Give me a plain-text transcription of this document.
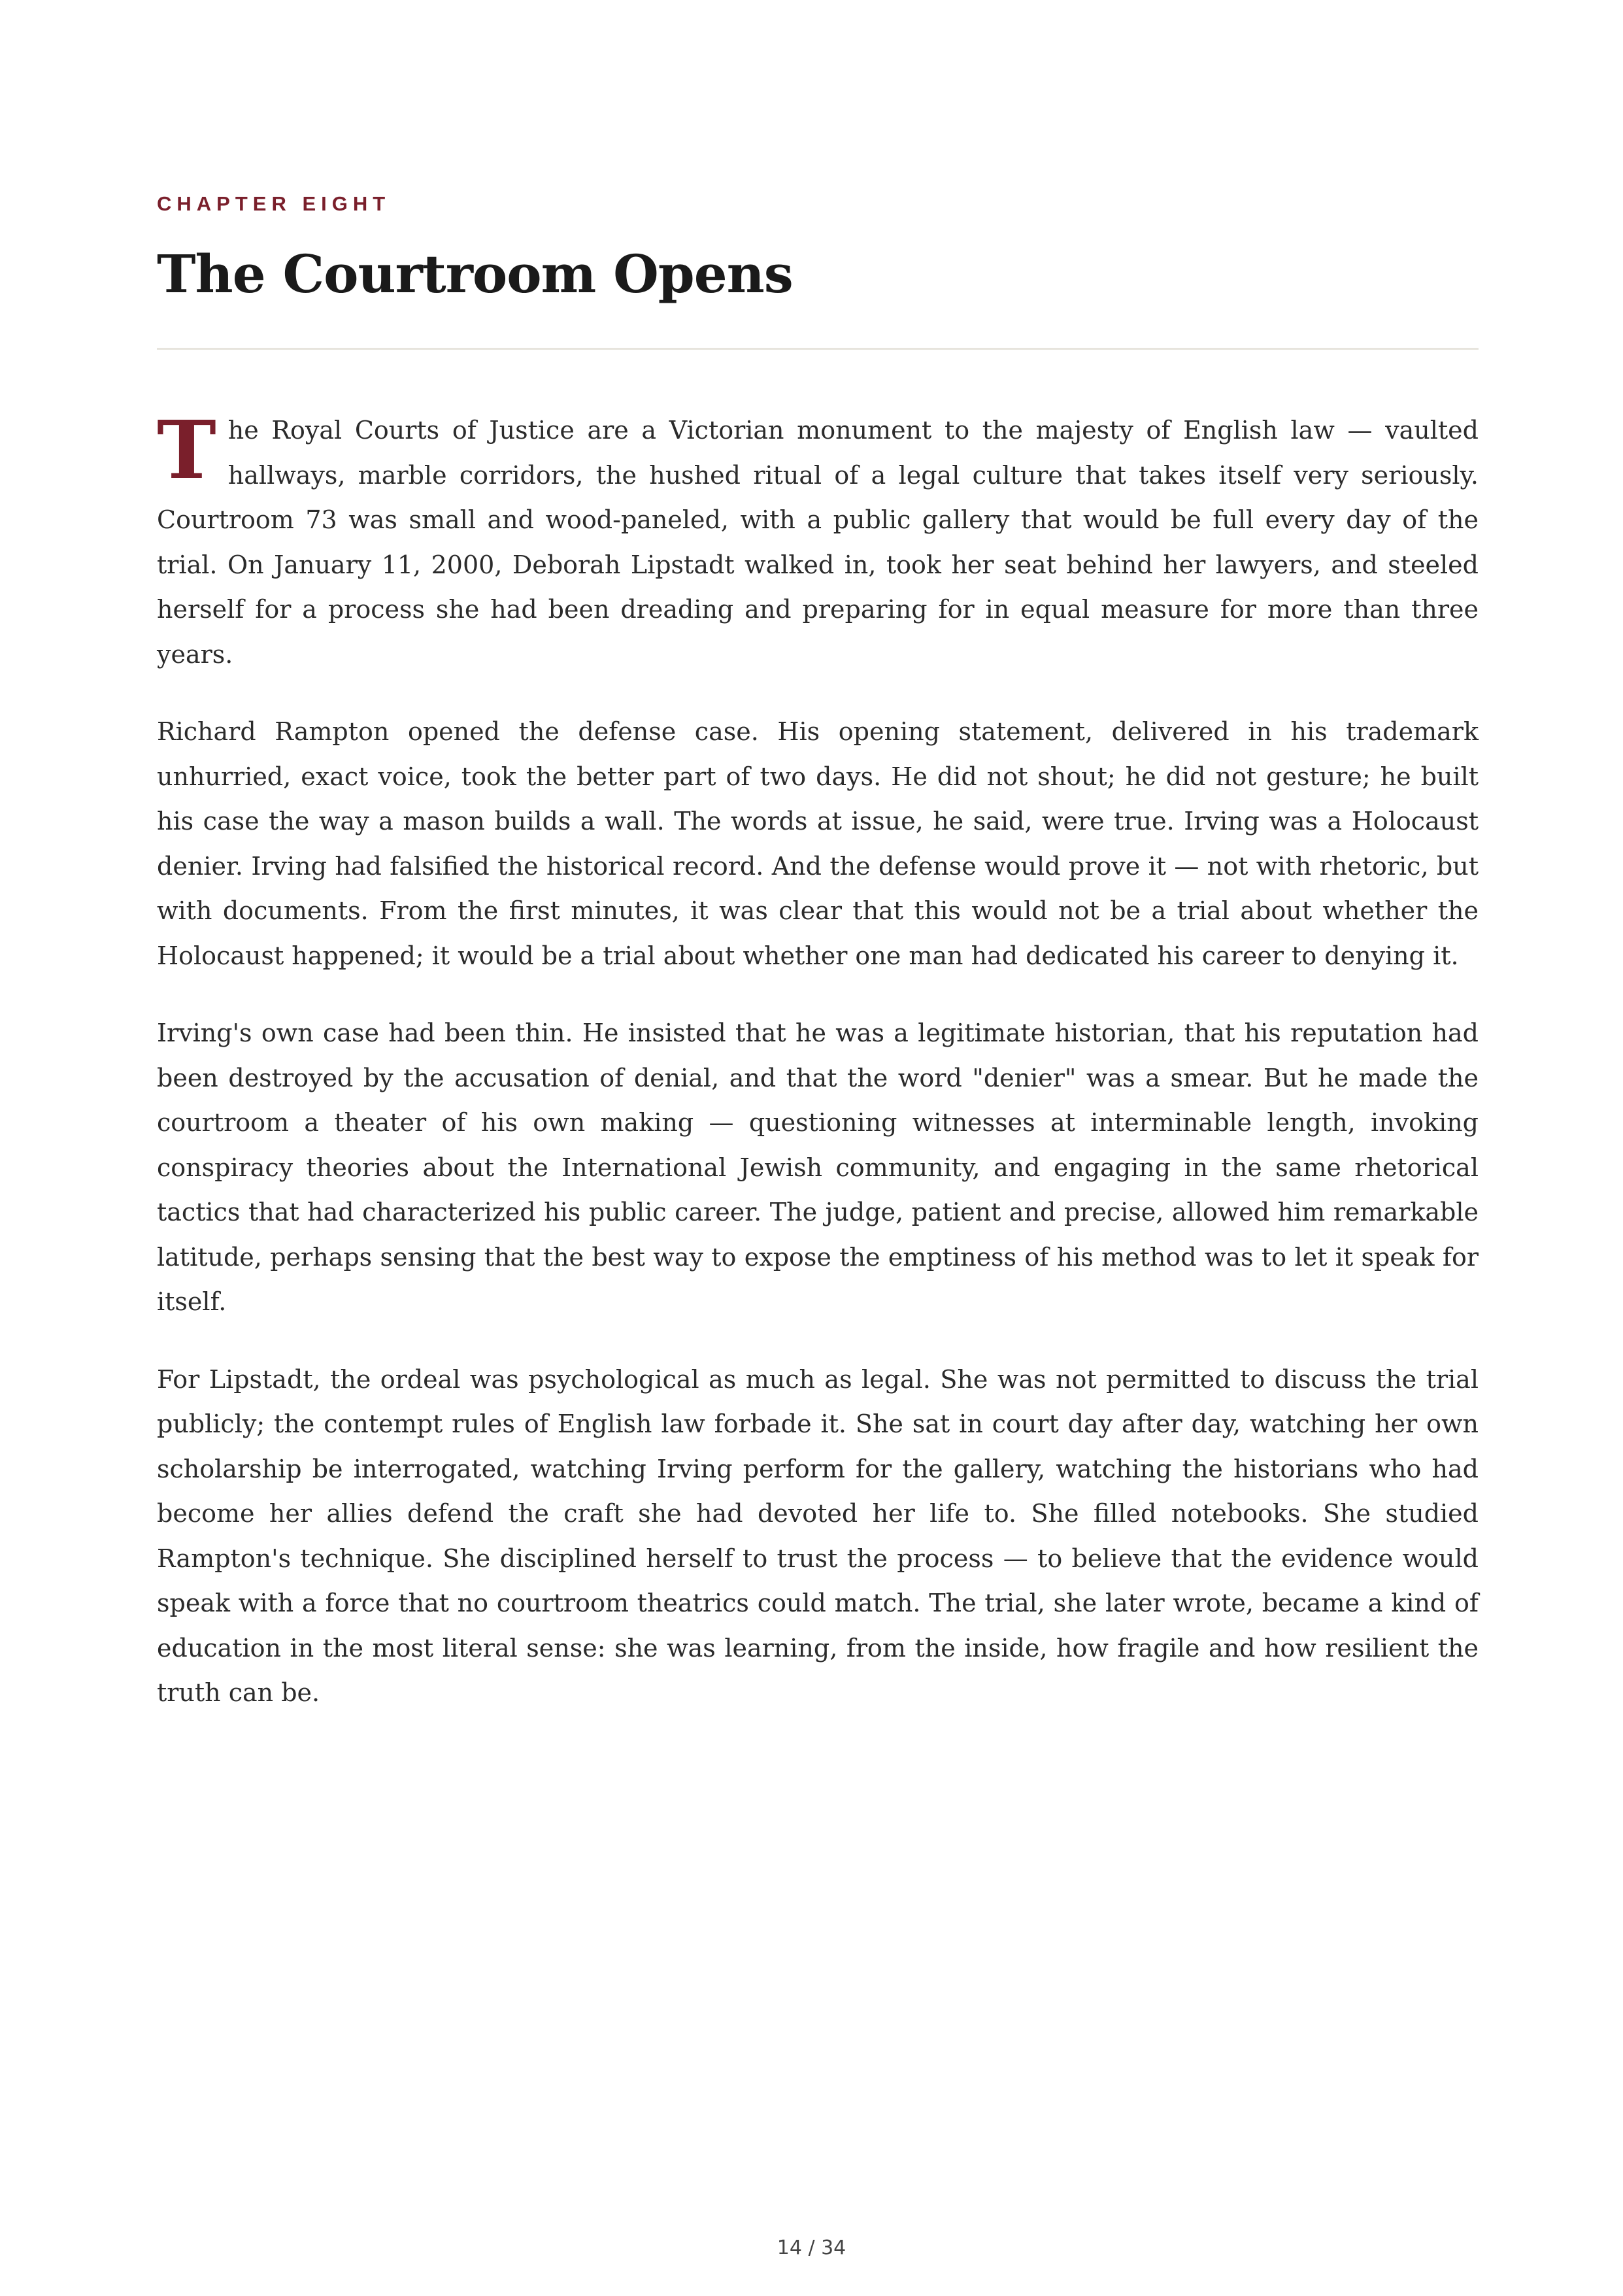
CHAPTER EIGHT
The Courtroom Opens

The Royal Courts of Justice are a Victorian monument to the majesty of English law — vaulted hallways, marble corridors, the hushed ritual of a legal culture that takes itself very seriously. Courtroom 73 was small and wood-paneled, with a public gallery that would be full every day of the trial. On January 11, 2000, Deborah Lipstadt walked in, took her seat behind her lawyers, and steeled herself for a process she had been dreading and preparing for in equal measure for more than three years.

Richard Rampton opened the defense case. His opening statement, delivered in his trademark unhurried, exact voice, took the better part of two days. He did not shout; he did not gesture; he built his case the way a mason builds a wall. The words at issue, he said, were true. Irving was a Holocaust denier. Irving had falsified the historical record. And the defense would prove it — not with rhetoric, but with documents. From the first minutes, it was clear that this would not be a trial about whether the Holocaust happened; it would be a trial about whether one man had dedicated his career to denying it.

Irving's own case had been thin. He insisted that he was a legitimate historian, that his reputation had been destroyed by the accusation of denial, and that the word "denier" was a smear. But he made the courtroom a theater of his own making — questioning witnesses at interminable length, invoking conspiracy theories about the International Jewish community, and engaging in the same rhetorical tactics that had characterized his public career. The judge, patient and precise, allowed him remarkable latitude, perhaps sensing that the best way to expose the emptiness of his method was to let it speak for itself.

For Lipstadt, the ordeal was psychological as much as legal. She was not permitted to discuss the trial publicly; the contempt rules of English law forbade it. She sat in court day after day, watching her own scholarship be interrogated, watching Irving perform for the gallery, watching the historians who had become her allies defend the craft she had devoted her life to. She filled notebooks. She studied Rampton's technique. She disciplined herself to trust the process — to believe that the evidence would speak with a force that no courtroom theatrics could match. The trial, she later wrote, became a kind of education in the most literal sense: she was learning, from the inside, how fragile and how resilient the truth can be.

14 / 34
